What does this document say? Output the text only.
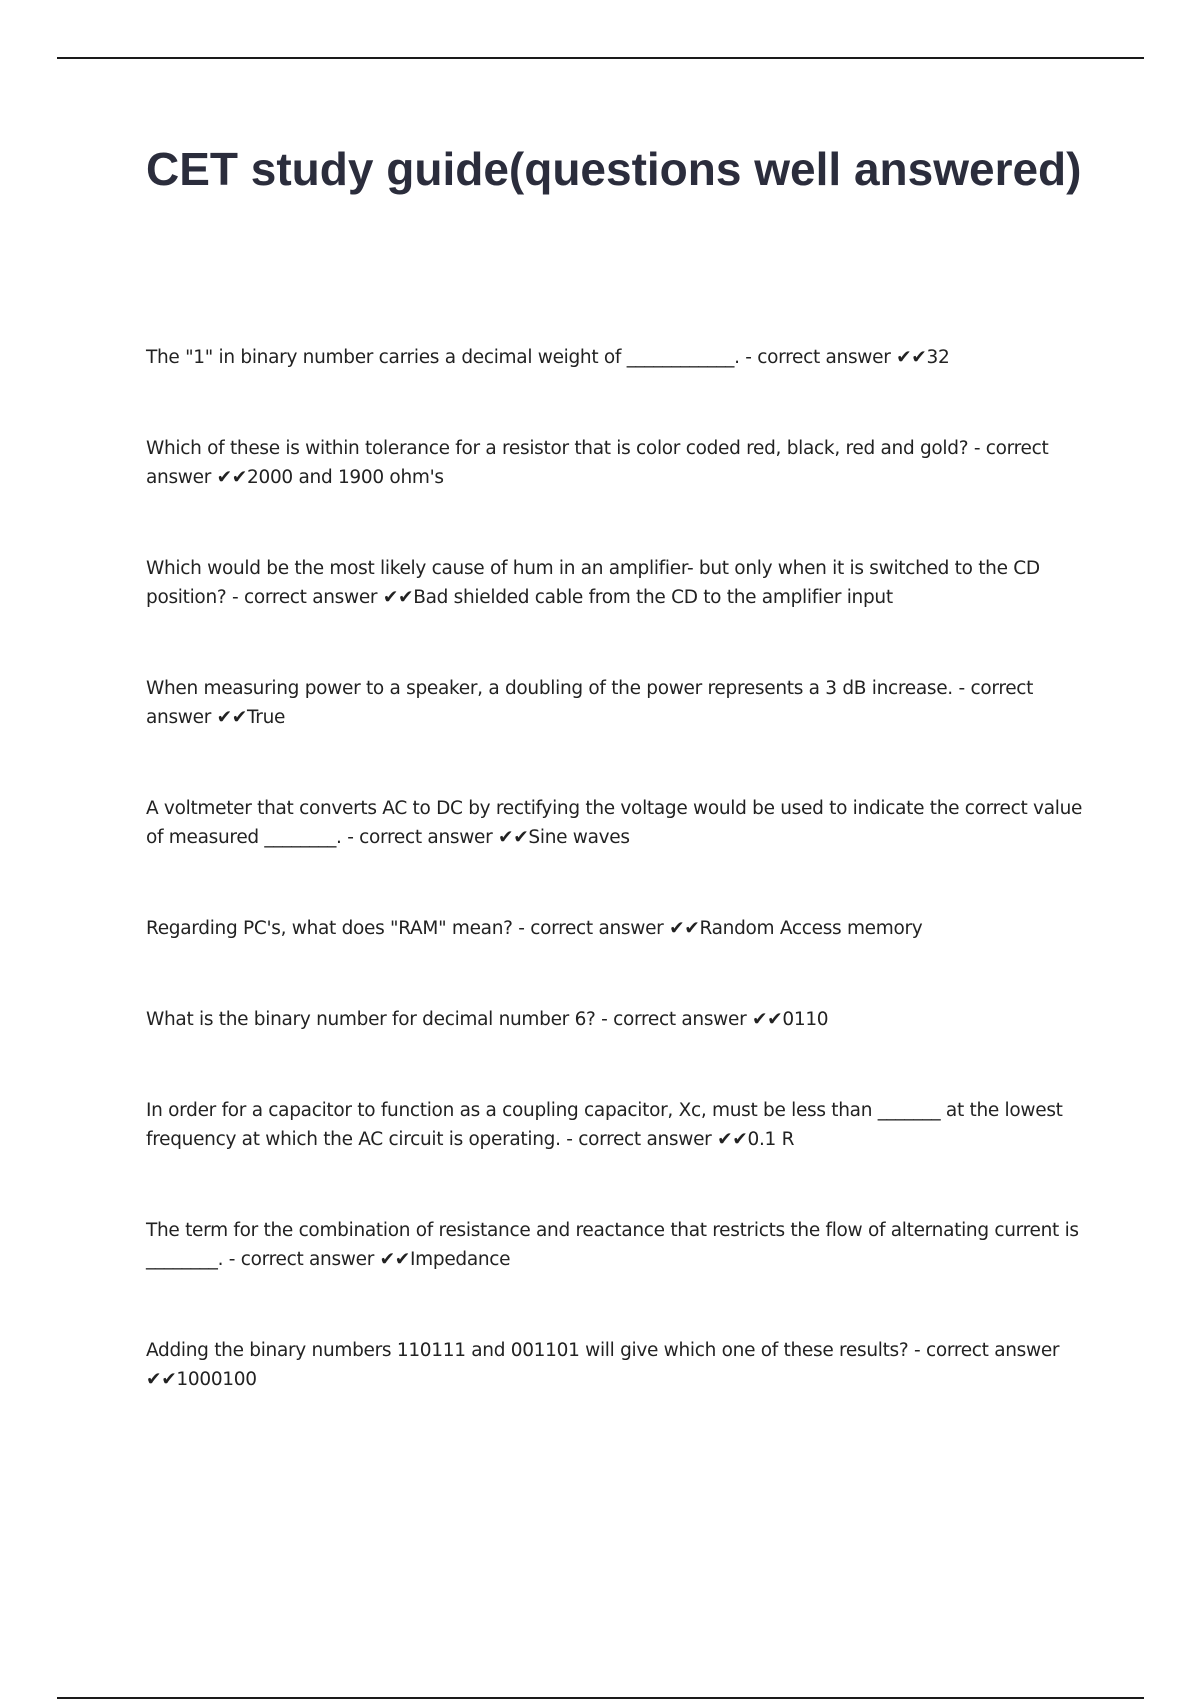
CET study guide(questions well answered)
The "1" in binary number carries a decimal weight of ____________. - correct answer ✔✔32
Which of these is within tolerance for a resistor that is color coded red, black, red and gold? - correct answer ✔✔2000 and 1900 ohm's
Which would be the most likely cause of hum in an amplifier- but only when it is switched to the CD position? - correct answer ✔✔Bad shielded cable from the CD to the amplifier input
When measuring power to a speaker, a doubling of the power represents a 3 dB increase. - correct answer ✔✔True
A voltmeter that converts AC to DC by rectifying the voltage would be used to indicate the correct value of measured ________. - correct answer ✔✔Sine waves
Regarding PC's, what does "RAM" mean? - correct answer ✔✔Random Access memory
What is the binary number for decimal number 6? - correct answer ✔✔0110
In order for a capacitor to function as a coupling capacitor, Xc, must be less than _______ at the lowest frequency at which the AC circuit is operating. - correct answer ✔✔0.1 R
The term for the combination of resistance and reactance that restricts the flow of alternating current is ________. - correct answer ✔✔Impedance
Adding the binary numbers 110111 and 001101 will give which one of these results? - correct answer ✔✔1000100
